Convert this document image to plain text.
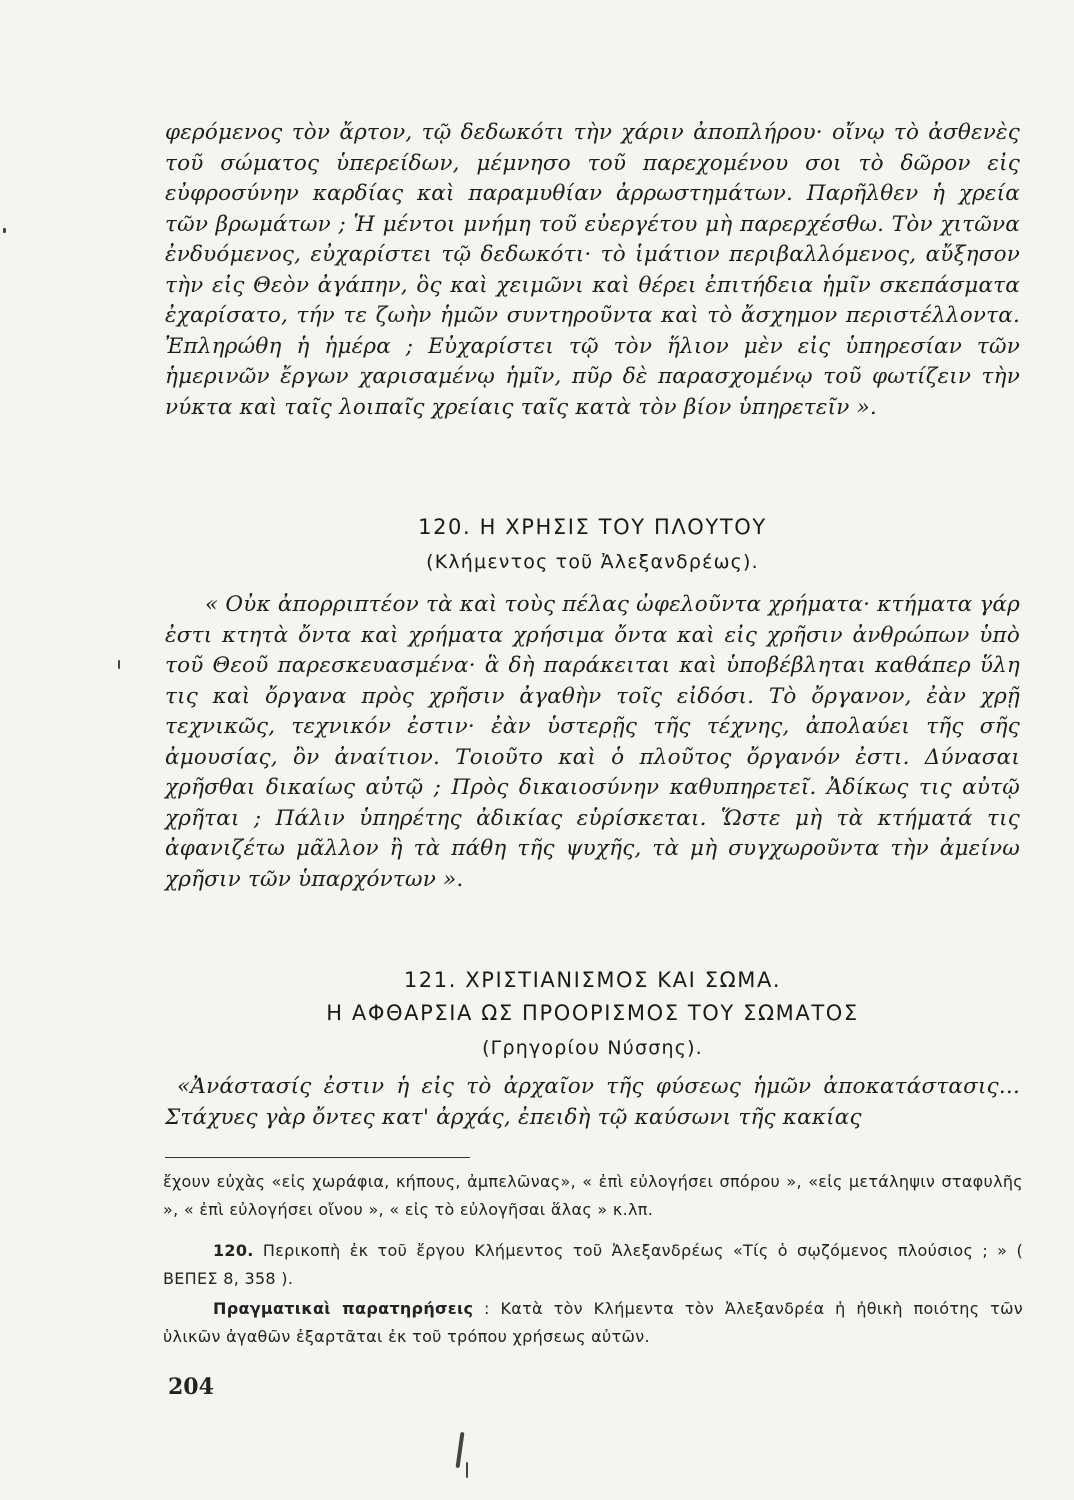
φερόμενος τὸν ἄρτον, τῷ δεδωκότι τὴν χάριν ἀποπλήρου· οἴνῳ τὸ ἀσθενὲς τοῦ σώματος ὑπερείδων, μέμνησο τοῦ παρεχομένου σοι τὸ δῶρον εἰς εὐφροσύνην καρδίας καὶ παραμυθίαν ἀρρωστημάτων. Παρῆλθεν ἡ χρεία τῶν βρωμάτων ; Ἡ μέντοι μνήμη τοῦ εὐεργέτου μὴ παρερχέσθω. Τὸν χιτῶνα ἐνδυόμενος, εὐχαρίστει τῷ δεδωκότι· τὸ ἱμάτιον περιβαλλόμενος, αὔξησον τὴν εἰς Θεὸν ἀγάπην, ὃς καὶ χειμῶνι καὶ θέρει ἐπιτήδεια ἡμῖν σκεπάσματα ἐχαρίσατο, τήν τε ζωὴν ἡμῶν συντηροῦντα καὶ τὸ ἄσχημον περιστέλλοντα. Ἐπληρώθη ἡ ἡμέρα ; Εὐχαρίστει τῷ τὸν ἥλιον μὲν εἰς ὑπηρεσίαν τῶν ἡμερινῶν ἔργων χαρισαμένῳ ἡμῖν, πῦρ δὲ παρασχομένῳ τοῦ φωτίζειν τὴν νύκτα καὶ ταῖς λοιπαῖς χρείαις ταῖς κατὰ τὸν βίον ὑπηρετεῖν ».
120. Η ΧΡΗΣΙΣ ΤΟΥ ΠΛΟΥΤΟΥ
(Κλήμεντος τοῦ Ἀλεξανδρέως).
« Οὐκ ἀπορριπτέον τὰ καὶ τοὺς πέλας ὠφελοῦντα χρήματα· κτήματα γάρ ἐστι κτητὰ ὄντα καὶ χρήματα χρήσιμα ὄντα καὶ εἰς χρῆσιν ἀνθρώπων ὑπὸ τοῦ Θεοῦ παρεσκευασμένα· ἃ δὴ παράκειται καὶ ὑποβέβληται καθάπερ ὕλη τις καὶ ὄργανα πρὸς χρῆσιν ἀγαθὴν τοῖς εἰδόσι. Τὸ ὄργανον, ἐὰν χρῇ τεχνικῶς, τεχνικόν ἐστιν· ἐὰν ὑστερῇς τῆς τέχνης, ἀπολαύει τῆς σῆς ἀμουσίας, ὂν ἀναίτιον. Τοιοῦτο καὶ ὁ πλοῦτος ὄργανόν ἐστι. Δύνασαι χρῆσθαι δικαίως αὐτῷ ; Πρὸς δικαιοσύνην καθυπηρετεῖ. Ἀδίκως τις αὐτῷ χρῆται ; Πάλιν ὑπηρέτης ἀδικίας εὑρίσκεται. Ὥστε μὴ τὰ κτήματά τις ἀφανιζέτω μᾶλλον ἢ τὰ πάθη τῆς ψυχῆς, τὰ μὴ συγχωροῦντα τὴν ἀμείνω χρῆσιν τῶν ὑπαρχόντων ».
121. ΧΡΙΣΤΙΑΝΙΣΜΟΣ ΚΑΙ ΣΩΜΑ.
Η ΑΦΘΑΡΣΙΑ ΩΣ ΠΡΟΟΡΙΣΜΟΣ ΤΟΥ ΣΩΜΑΤΟΣ
(Γρηγορίου Νύσσης).
«Ἀνάστασίς ἐστιν ἡ εἰς τὸ ἀρχαῖον τῆς φύσεως ἡμῶν ἀποκατάστασις... Στάχυες γὰρ ὄντες κατ' ἀρχάς, ἐπειδὴ τῷ καύσωνι τῆς κακίας
ἔχουν εὐχὰς «εἰς χωράφια, κήπους, ἀμπελῶνας», « ἐπὶ εὐλογήσει σπόρου », «εἰς μετάληψιν σταφυλῆς », « ἐπὶ εὐλογήσει οἴνου », « εἰς τὸ εὐλογῆσαι ἅλας » κ.λπ.
120. Περικοπὴ ἐκ τοῦ ἔργου Κλήμεντος τοῦ Ἀλεξανδρέως «Τίς ὁ σῳζόμενος πλούσιος ; » ( ΒΕΠΕΣ 8, 358 ).
Πραγματικαὶ παρατηρήσεις : Κατὰ τὸν Κλήμεντα τὸν Ἀλεξανδρέα ἡ ἠθικὴ ποιότης τῶν ὑλικῶν ἀγαθῶν ἐξαρτᾶται ἐκ τοῦ τρόπου χρήσεως αὐτῶν.
204
